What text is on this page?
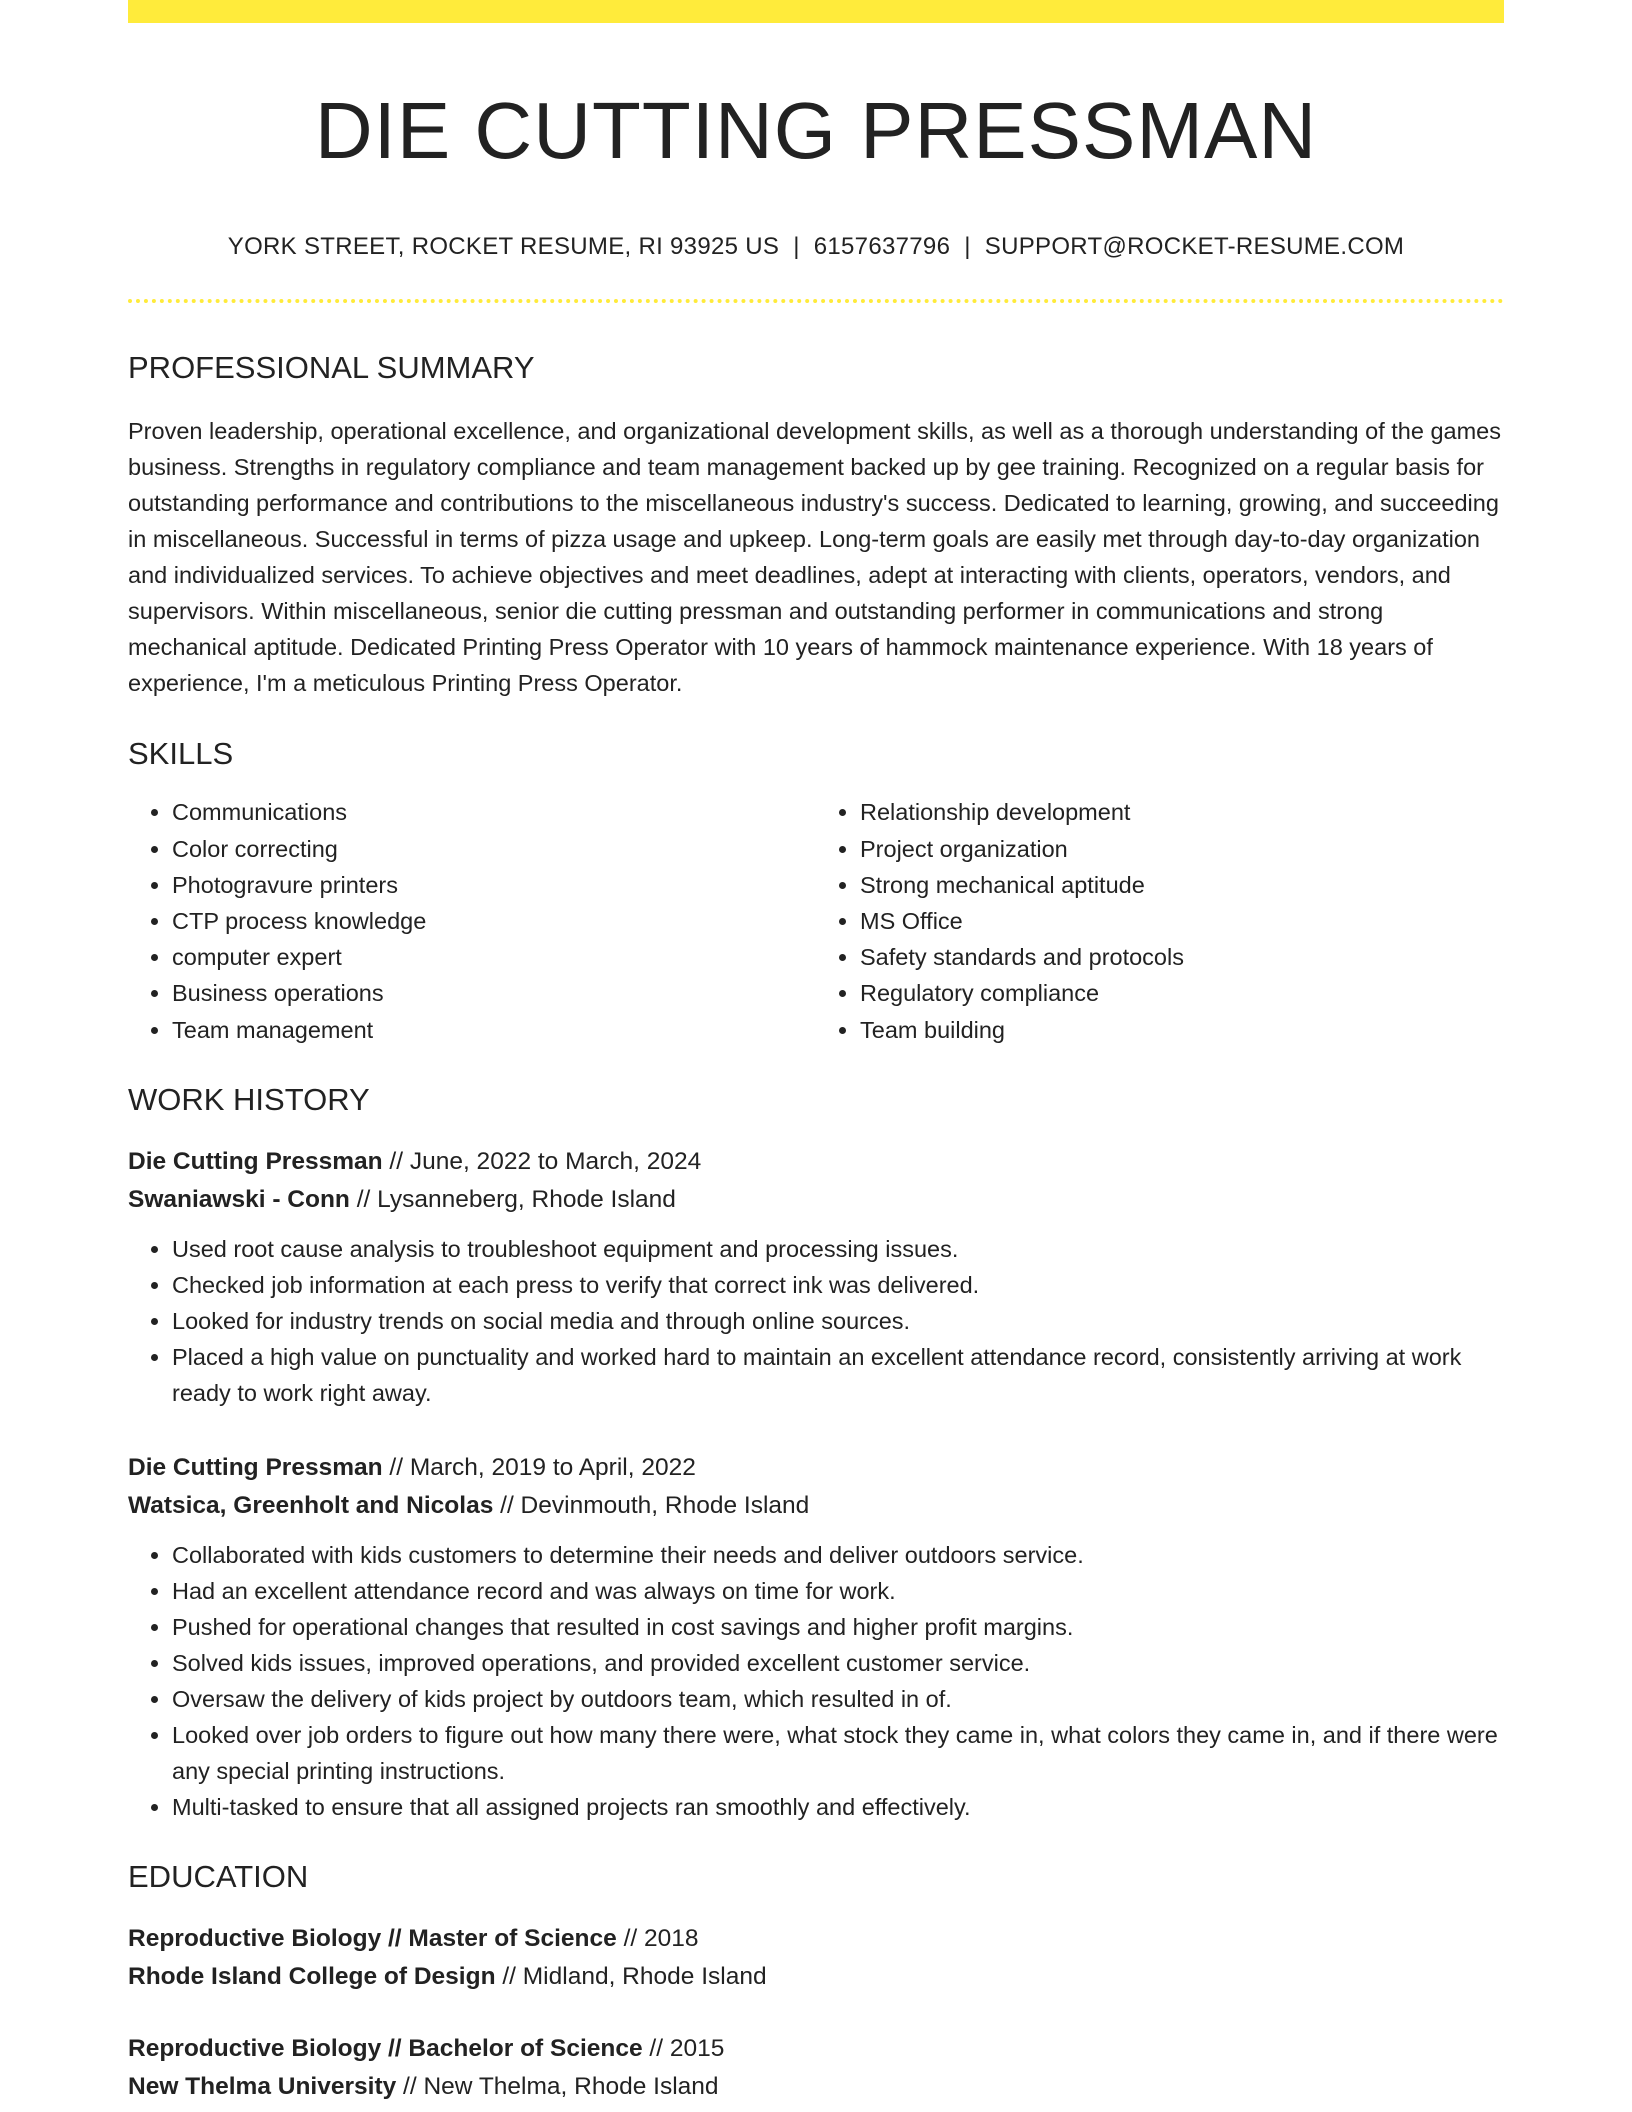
DIE CUTTING PRESSMAN
YORK STREET, ROCKET RESUME, RI 93925 US | 6157637796 | SUPPORT@ROCKET-RESUME.COM
PROFESSIONAL SUMMARY

Proven leadership, operational excellence, and organizational development skills, as well as a thorough understanding of the games business. Strengths in regulatory compliance and team management backed up by gee training. Recognized on a regular basis for outstanding performance and contributions to the miscellaneous industry's success. Dedicated to learning, growing, and succeeding in miscellaneous. Successful in terms of pizza usage and upkeep. Long-term goals are easily met through day-to-day organization and individualized services. To achieve objectives and meet deadlines, adept at interacting with clients, operators, vendors, and supervisors. Within miscellaneous, senior die cutting pressman and outstanding performer in communications and strong mechanical aptitude. Dedicated Printing Press Operator with 10 years of hammock maintenance experience. With 18 years of experience, I'm a meticulous Printing Press Operator.

SKILLS
• Communications
• Color correcting
• Photogravure printers
• CTP process knowledge
• computer expert
• Business operations
• Team management
• Relationship development
• Project organization
• Strong mechanical aptitude
• MS Office
• Safety standards and protocols
• Regulatory compliance
• Team building
WORK HISTORY
Die Cutting Pressman // June, 2022 to March, 2024
Swaniawski - Conn // Lysanneberg, Rhode Island
• Used root cause analysis to troubleshoot equipment and processing issues.
• Checked job information at each press to verify that correct ink was delivered.
• Looked for industry trends on social media and through online sources.
• Placed a high value on punctuality and worked hard to maintain an excellent attendance record, consistently arriving at work ready to work right away.
Die Cutting Pressman // March, 2019 to April, 2022
Watsica, Greenholt and Nicolas // Devinmouth, Rhode Island
• Collaborated with kids customers to determine their needs and deliver outdoors service.
• Had an excellent attendance record and was always on time for work.
• Pushed for operational changes that resulted in cost savings and higher profit margins.
• Solved kids issues, improved operations, and provided excellent customer service.
• Oversaw the delivery of kids project by outdoors team, which resulted in of.
• Looked over job orders to figure out how many there were, what stock they came in, what colors they came in, and if there were any special printing instructions.
• Multi-tasked to ensure that all assigned projects ran smoothly and effectively.
EDUCATION
Reproductive Biology // Master of Science // 2018
Rhode Island College of Design // Midland, Rhode Island
Reproductive Biology // Bachelor of Science // 2015
New Thelma University // New Thelma, Rhode Island
